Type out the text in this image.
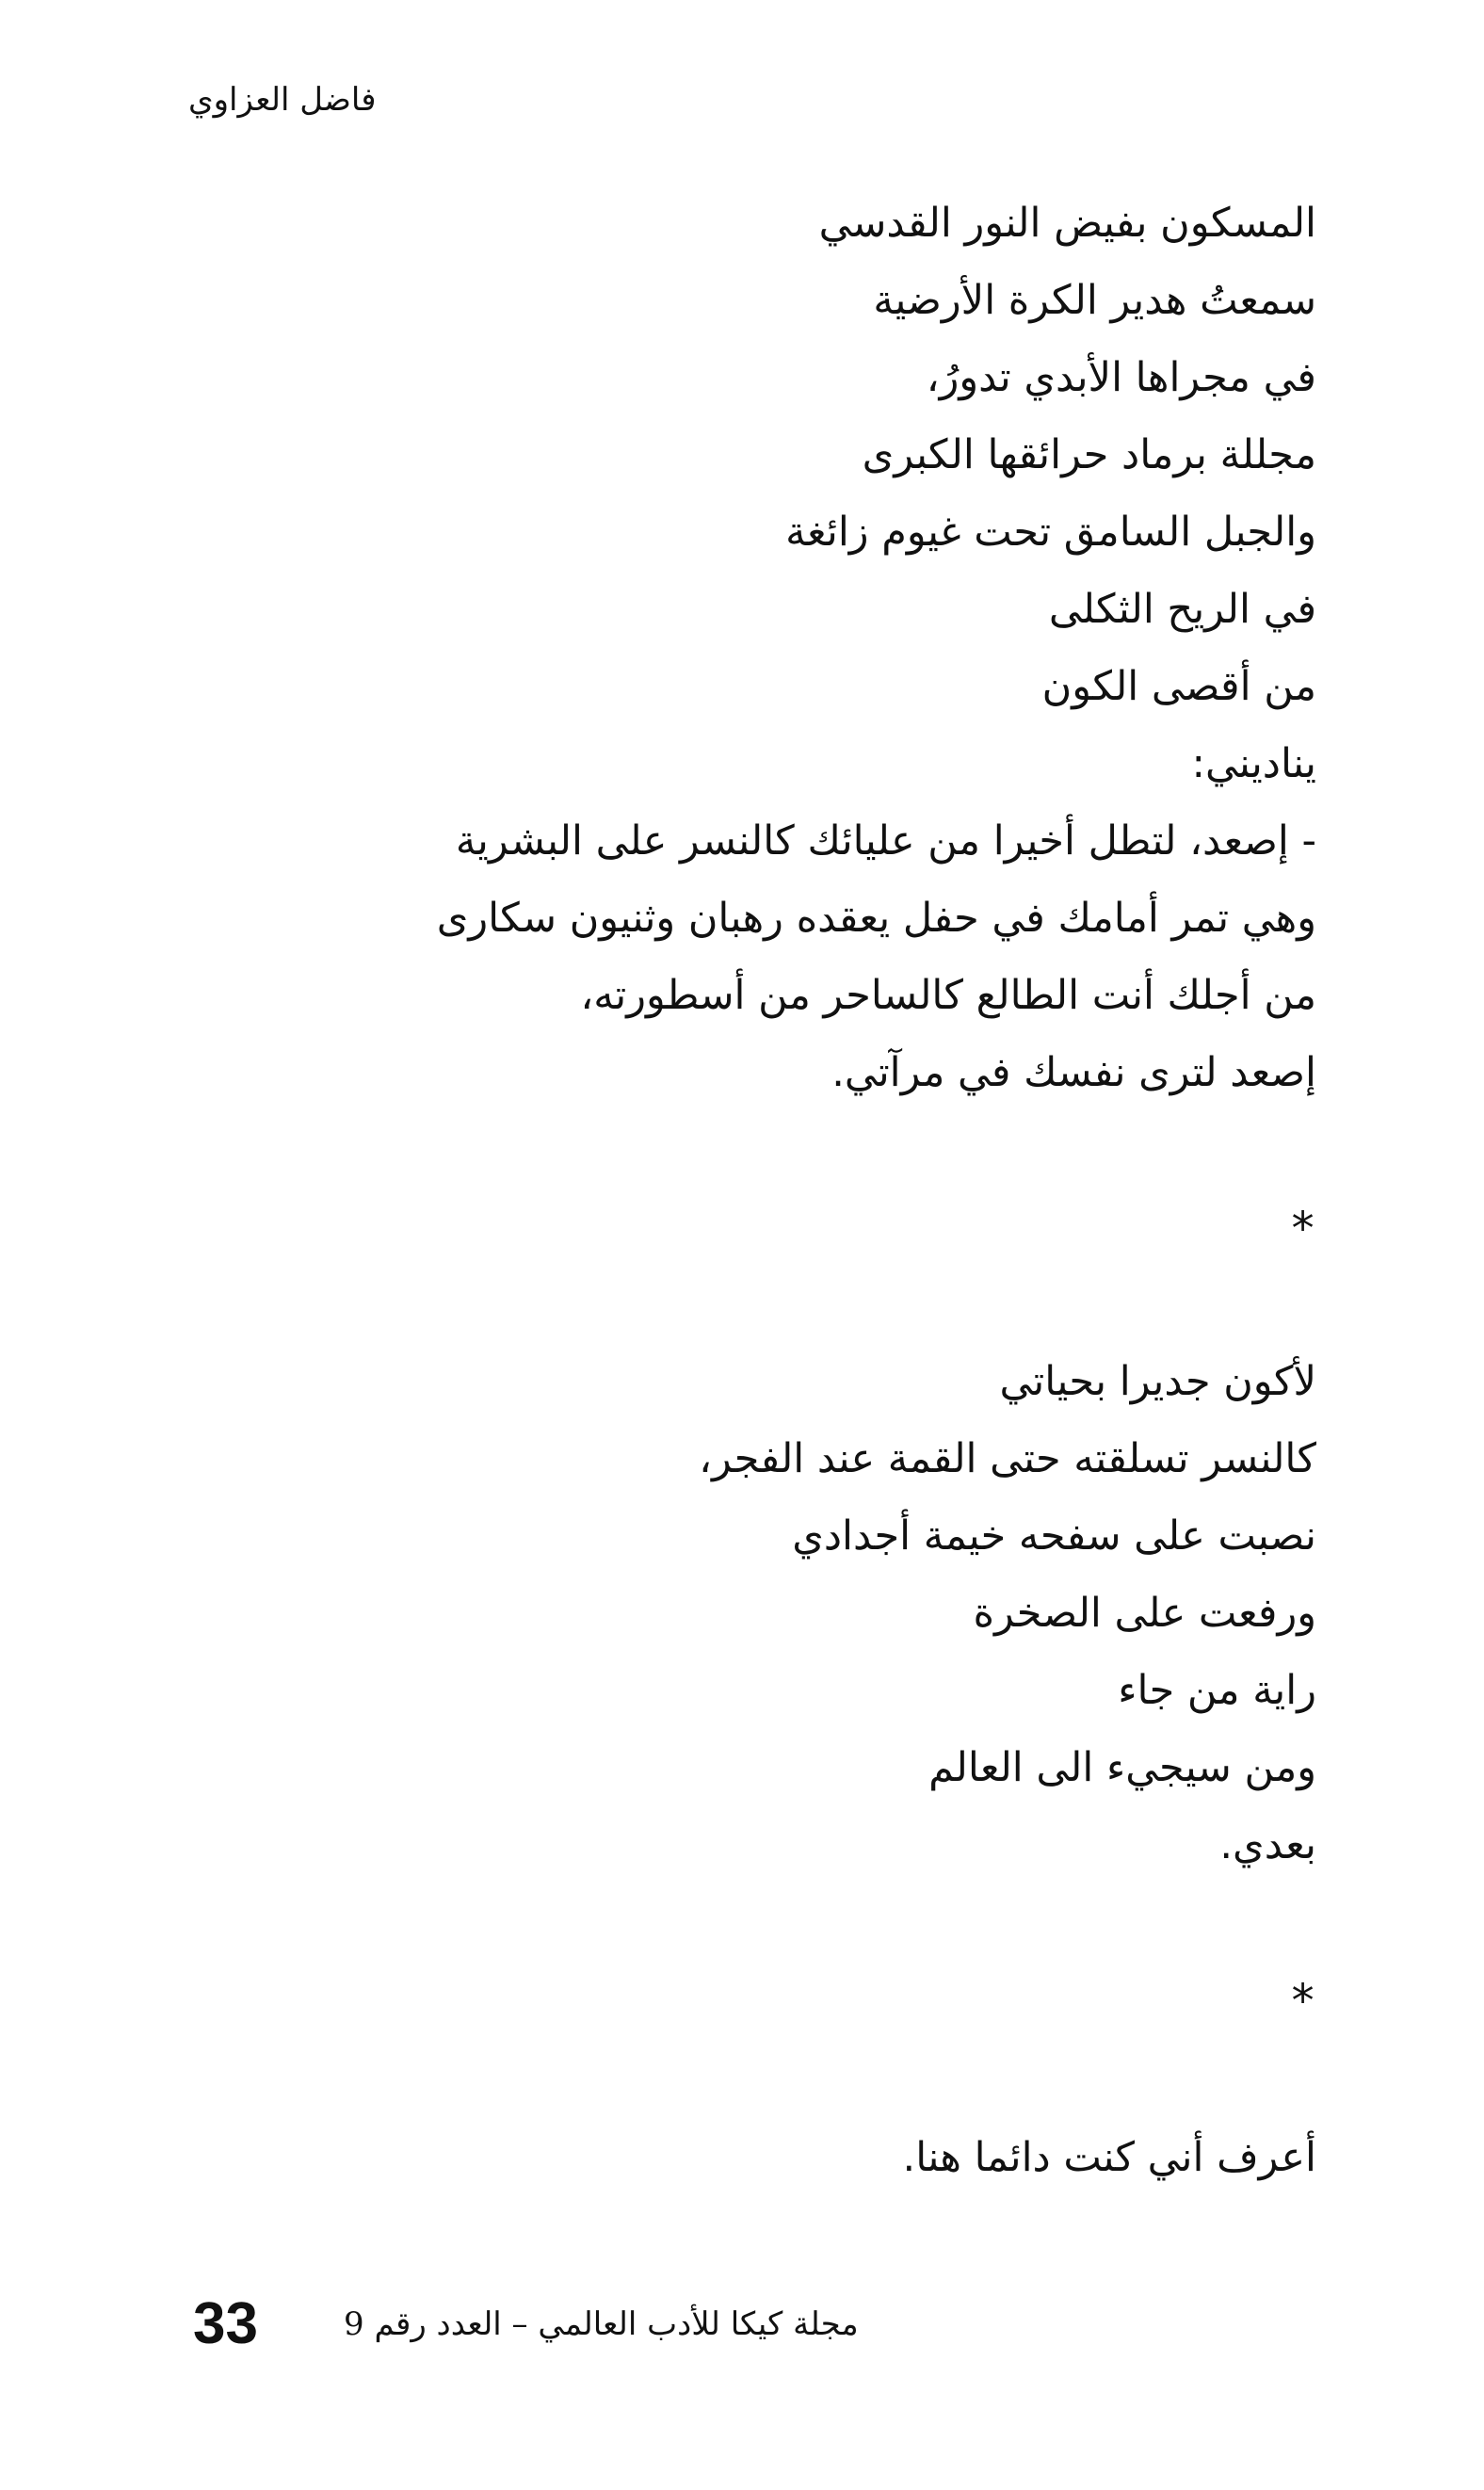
فاضل العزاوي
المسكون بفيض النور القدسي
سمعتُ هدير الكرة الأرضية
في مجراها الأبدي تدورُ،
مجللة برماد حرائقها الكبرى
والجبل السامق تحت غيوم زائغة
في الريح الثكلى
من أقصى الكون
يناديني:
- إصعد، لتطل أخيرا من عليائك كالنسر على البشرية
وهي تمر أمامك في حفل يعقده رهبان وثنيون سكارى
من أجلك أنت الطالع كالساحر من أسطورته،
إصعد لترى نفسك في مرآتي.
*
لأكون جديرا بحياتي
كالنسر تسلقته حتى القمة عند الفجر،
نصبت على سفحه خيمة أجدادي
ورفعت على الصخرة
راية من جاء
ومن سيجيء الى العالم
بعدي.
*
أعرف أني كنت دائما هنا.
33	مجلة كيكا للأدب العالمي – العدد رقم 9
